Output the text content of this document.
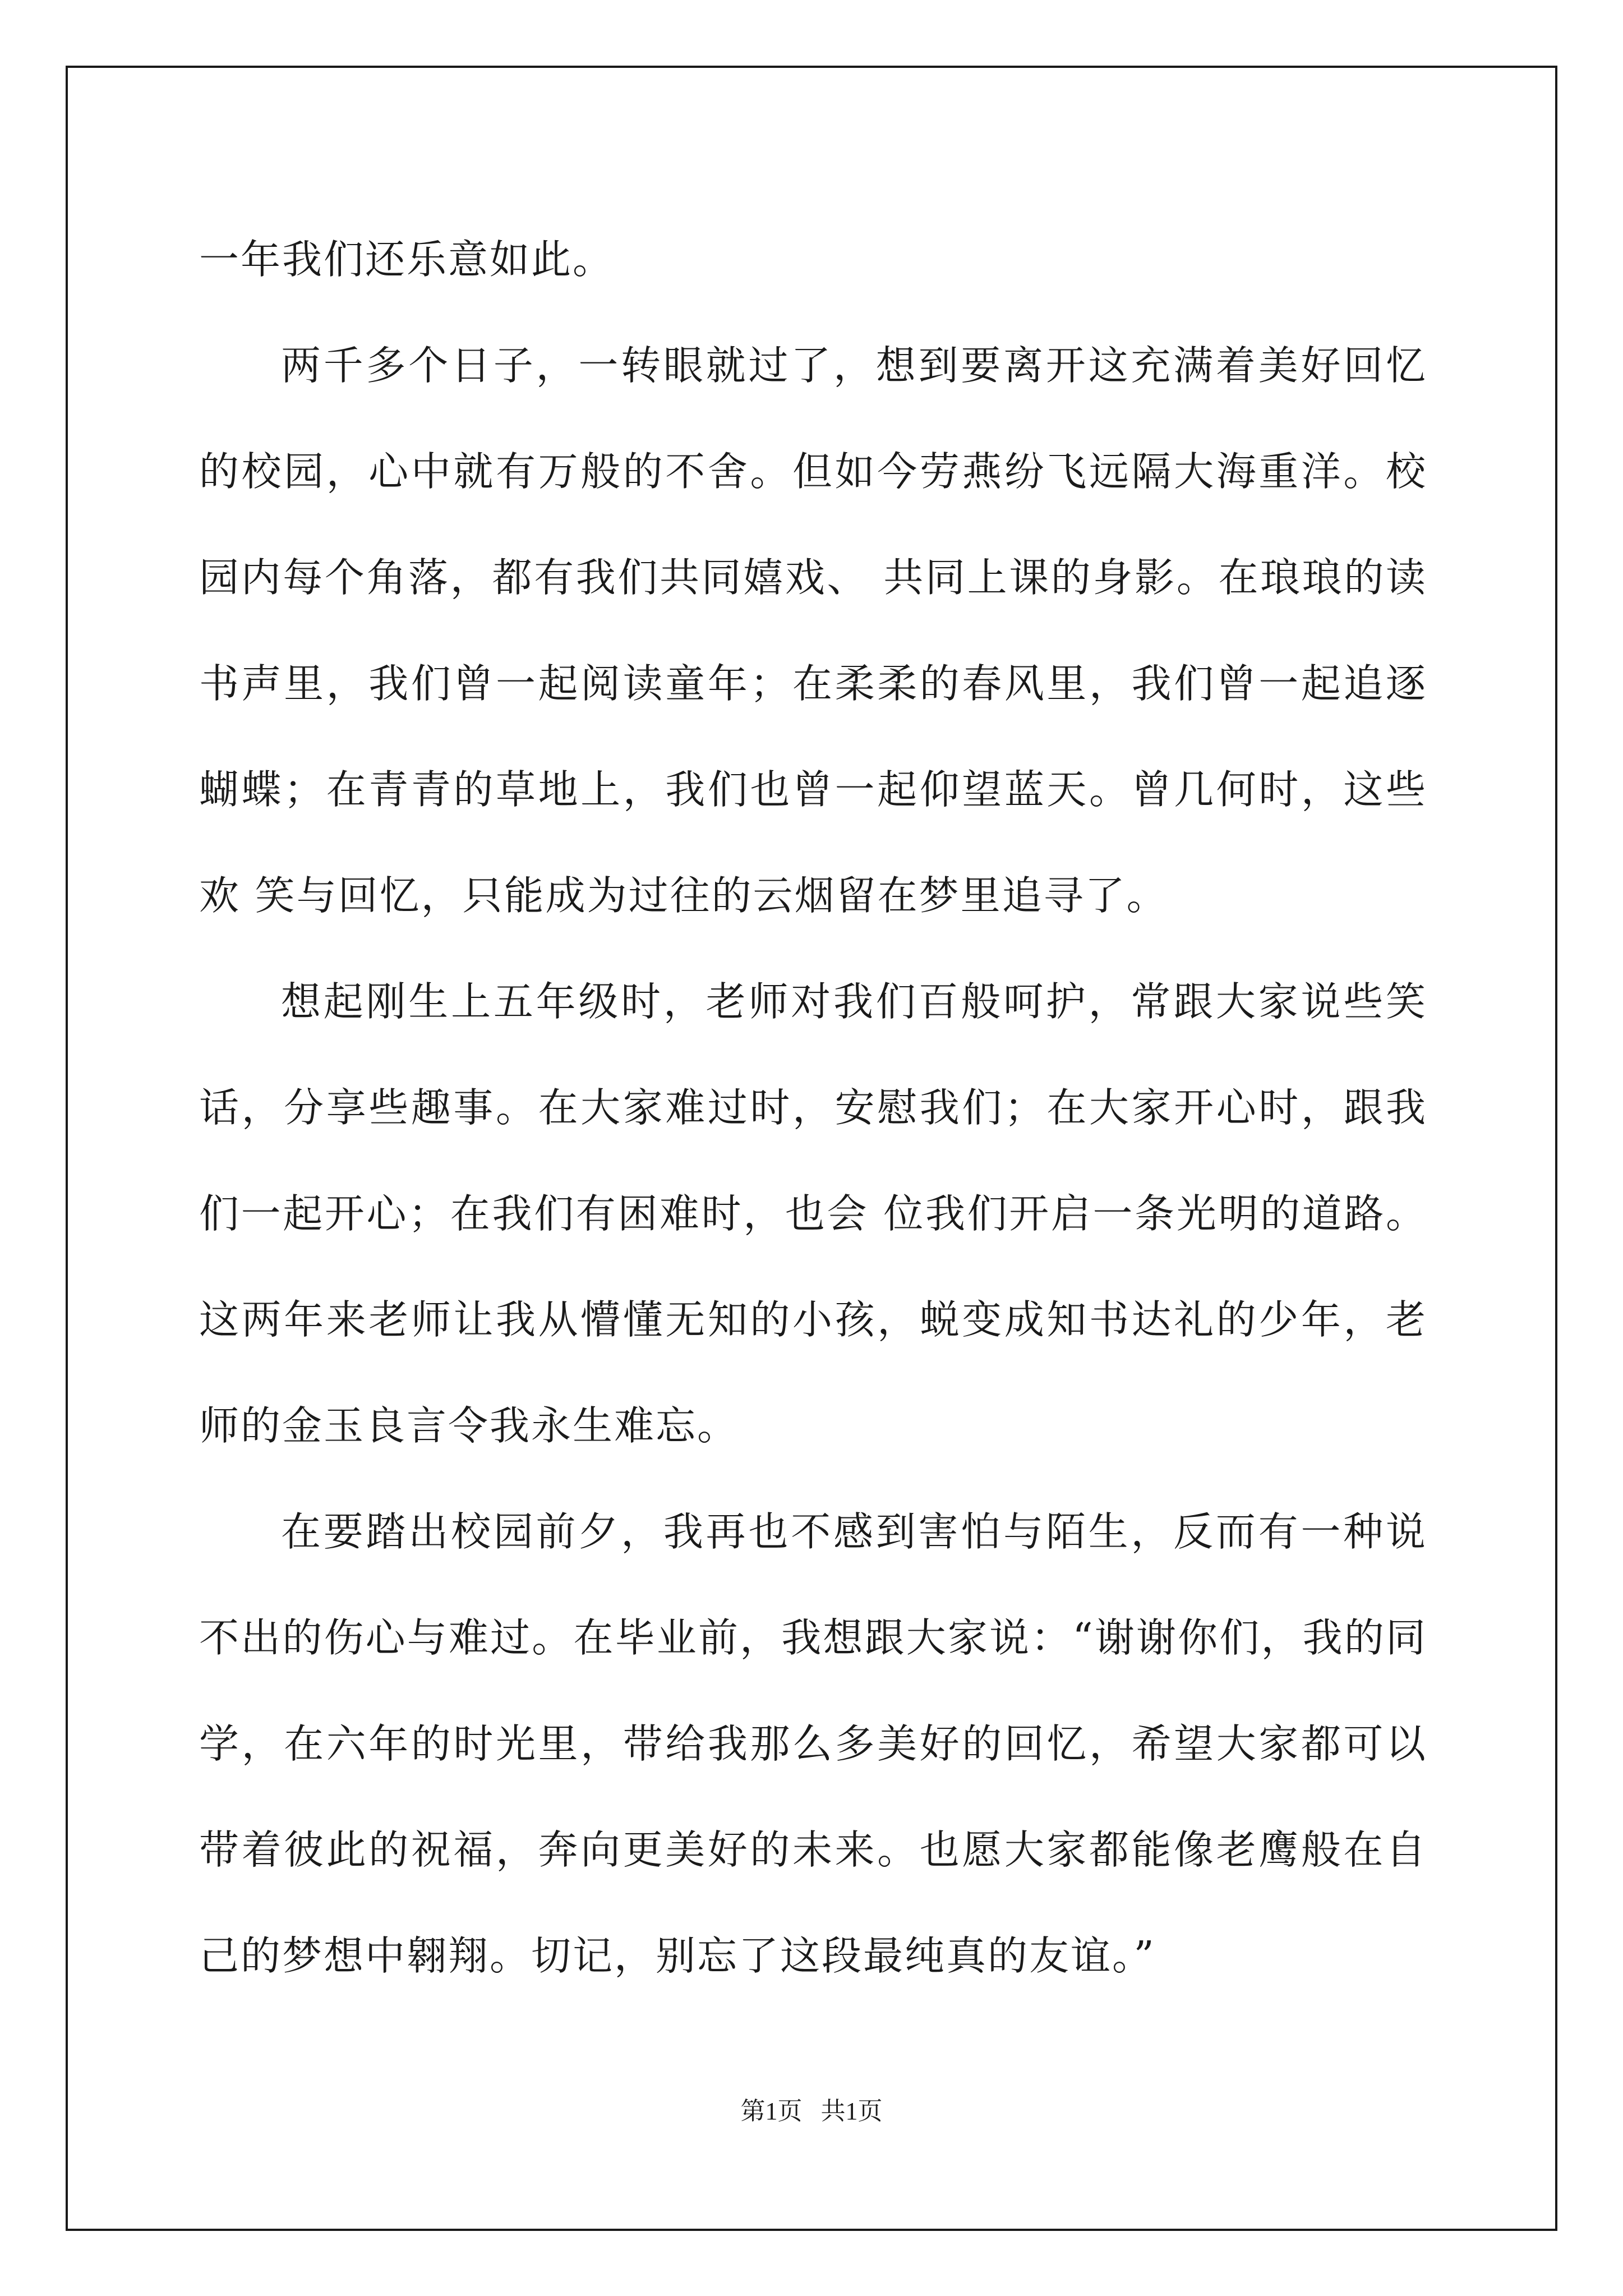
一年我们还乐意如此。

两千多个日子，一转眼就过了，想到要离开这充满着美好回忆的校园，心中就有万般的不舍。但如今劳燕纷飞远隔大海重洋。校园内每个角落，都有我们共同嬉戏、 共同上课的身影。在琅琅的读书声里，我们曾一起阅读童年；在柔柔的春风里，我们曾一起追逐蝴蝶；在青青的草地上，我们也曾一起仰望蓝天。曾几何时，这些欢 笑与回忆，只能成为过往的云烟留在梦里追寻了。

想起刚生上五年级时，老师对我们百般呵护，常跟大家说些笑话，分享些趣事。在大家难过时，安慰我们；在大家开心时，跟我们一起开心；在我们有困难时，也会 位我们开启一条光明的道路。这两年来老师让我从懵懂无知的小孩，蜕变成知书达礼的少年，老师的金玉良言令我永生难忘。

在要踏出校园前夕，我再也不感到害怕与陌生，反而有一种说不出的伤心与难过。在毕业前，我想跟大家说：“谢谢你们，我的同学，在六年的时光里，带给我那么多美好的回忆，希望大家都可以带着彼此的祝福，奔向更美好的未来。也愿大家都能像老鹰般在自己的梦想中翱翔。切记，别忘了这段最纯真的友谊。”

第1页   共1页
